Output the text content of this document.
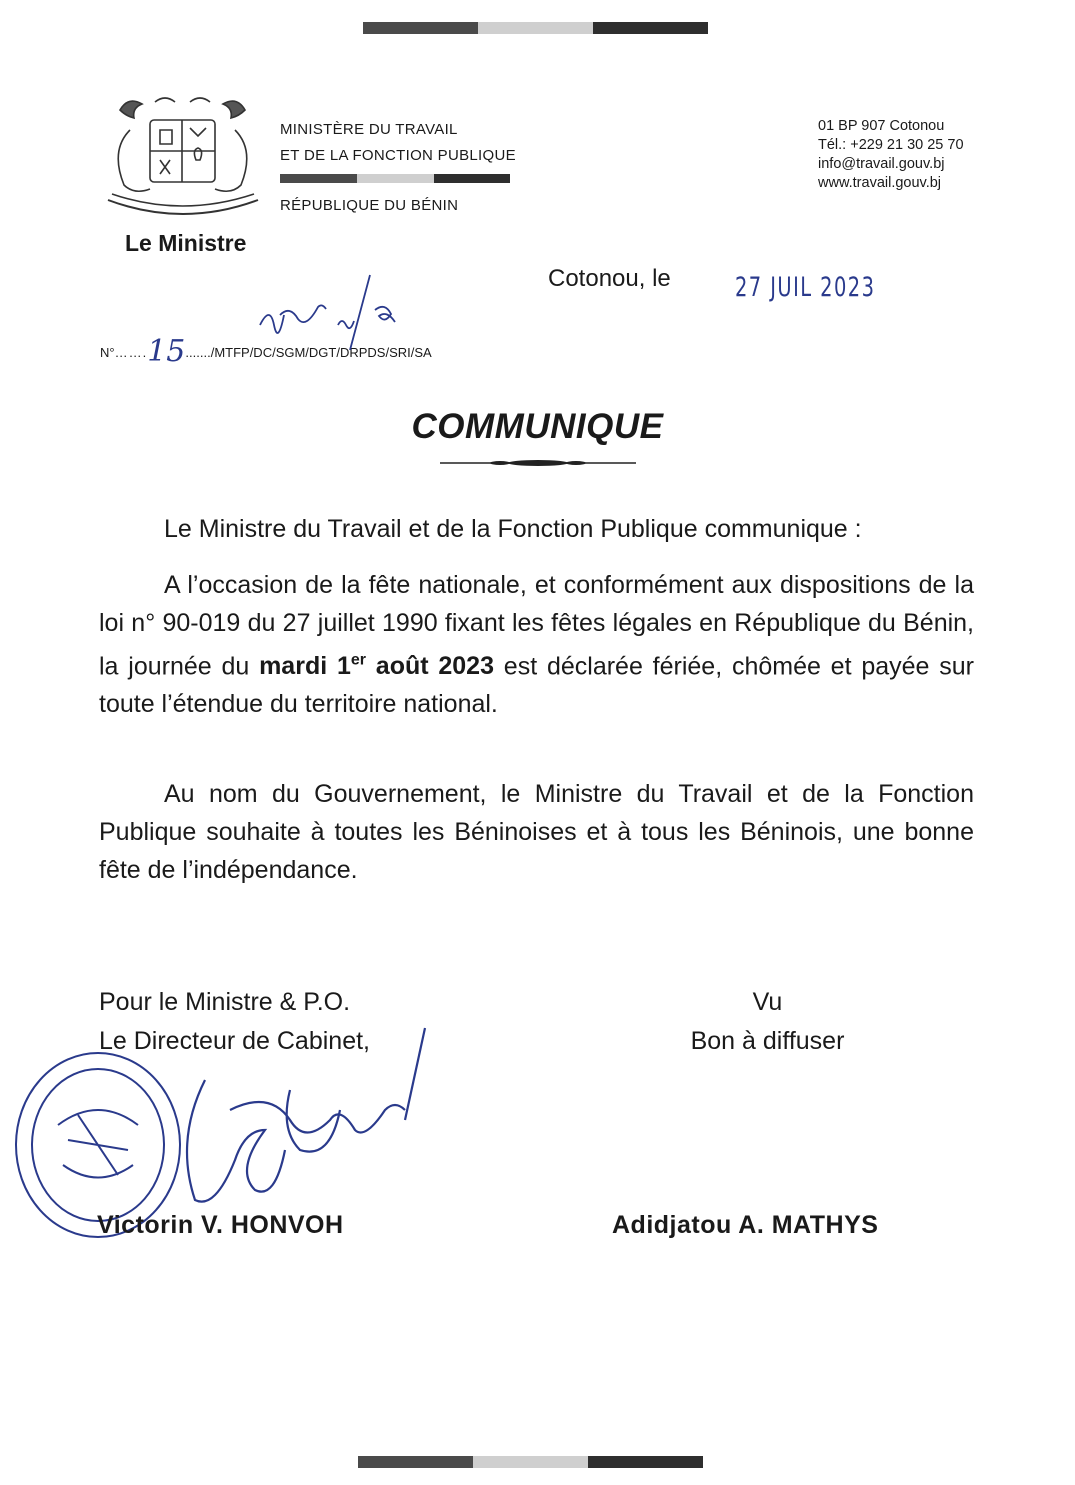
MINISTÈRE DU TRAVAIL
ET DE LA FONCTION PUBLIQUE
RÉPUBLIQUE DU BÉNIN
01 BP 907 Cotonou
Tél.: +229 21 30 25 70
info@travail.gouv.bj
www.travail.gouv.bj
Le Ministre
Cotonou, le 27 JUIL 2023
N°…….15......./MTFP/DC/SGM/DGT/DRPDS/SRI/SA
COMMUNIQUE
Le Ministre du Travail et de la Fonction Publique communique :
A l’occasion de la fête nationale, et conformément aux dispositions de la loi n° 90-019 du 27 juillet 1990 fixant les fêtes légales en République du Bénin, la journée du mardi 1er août 2023 est déclarée fériée, chômée et payée sur toute l’étendue du territoire national.
Au nom du Gouvernement, le Ministre du Travail et de la Fonction Publique souhaite à toutes les Béninoises et à tous les Béninois, une bonne fête de l’indépendance.
Pour le Ministre & P.O.
Le Directeur de Cabinet,
Vu
Bon à diffuser
Victorin V. HONVOH	Adidjatou A. MATHYS
